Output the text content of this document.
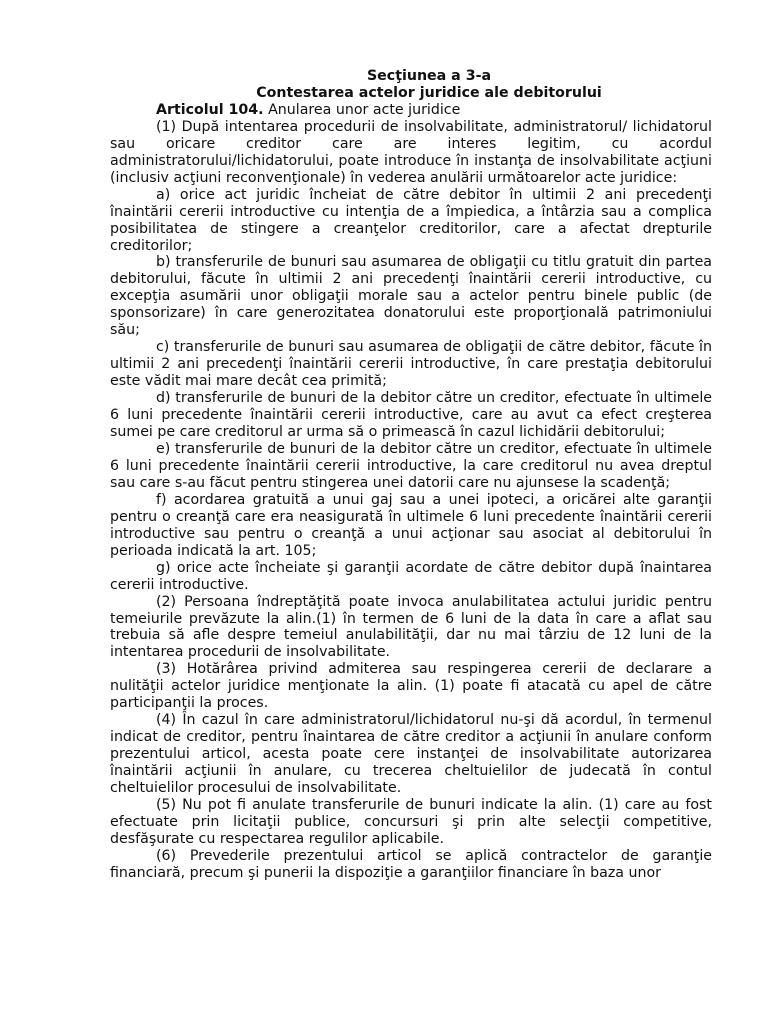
Secţiunea a 3-a
Contestarea actelor juridice ale debitorului

Articolul 104. Anularea unor acte juridice

(1) După intentarea procedurii de insolvabilitate, administratorul/ lichidatorul sau oricare creditor care are interes legitim, cu acordul administratorului/lichidatorului, poate introduce în instanţa de insolvabilitate acţiuni (inclusiv acţiuni reconvenţionale) în vederea anulării următoarelor acte juridice:

a) orice act juridic încheiat de către debitor în ultimii 2 ani precedenţi înaintării cererii introductive cu intenţia de a împiedica, a întârzia sau a complica posibilitatea de stingere a creanţelor creditorilor, care a afectat drepturile creditorilor;

b) transferurile de bunuri sau asumarea de obligaţii cu titlu gratuit din partea debitorului, făcute în ultimii 2 ani precedenţi înaintării cererii introductive, cu excepţia asumării unor obligaţii morale sau a actelor pentru binele public (de sponsorizare) în care generozitatea donatorului este proporţională patrimoniului său;

c) transferurile de bunuri sau asumarea de obligaţii de către debitor, făcute în ultimii 2 ani precedenţi înaintării cererii introductive, în care prestaţia debitorului este vădit mai mare decât cea primită;

d) transferurile de bunuri de la debitor către un creditor, efectuate în ultimele 6 luni precedente înaintării cererii introductive, care au avut ca efect creşterea sumei pe care creditorul ar urma să o primească în cazul lichidării debitorului;

e) transferurile de bunuri de la debitor către un creditor, efectuate în ultimele 6 luni precedente înaintării cererii introductive, la care creditorul nu avea dreptul sau care s-au făcut pentru stingerea unei datorii care nu ajunsese la scadenţă;

f) acordarea gratuită a unui gaj sau a unei ipoteci, a oricărei alte garanţii pentru o creanţă care era neasigurată în ultimele 6 luni precedente înaintării cererii introductive sau pentru o creanţă a unui acţionar sau asociat al debitorului în perioada indicată la art. 105;

g) orice acte încheiate şi garanţii acordate de către debitor după înaintarea cererii introductive.

(2) Persoana îndreptăţită poate invoca anulabilitatea actului juridic pentru temeiurile prevăzute la alin.(1) în termen de 6 luni de la data în care a aflat sau trebuia să afle despre temeiul anulabilităţii, dar nu mai târziu de 12 luni de la intentarea procedurii de insolvabilitate.

(3) Hotărârea privind admiterea sau respingerea cererii de declarare a nulităţii actelor juridice menţionate la alin. (1) poate fi atacată cu apel de către participanţii la proces.

(4) În cazul în care administratorul/lichidatorul nu-şi dă acordul, în termenul indicat de creditor, pentru înaintarea de către creditor a acţiunii în anulare conform prezentului articol, acesta poate cere instanţei de insolvabilitate autorizarea înaintării acţiunii în anulare, cu trecerea cheltuielilor de judecată în contul cheltuielilor procesului de insolvabilitate.

(5) Nu pot fi anulate transferurile de bunuri indicate la alin. (1) care au fost efectuate prin licitaţii publice, concursuri şi prin alte selecţii competitive, desfăşurate cu respectarea regulilor aplicabile.

(6) Prevederile prezentului articol se aplică contractelor de garanţie financiară, precum şi punerii la dispoziţie a garanţiilor financiare în baza unor
